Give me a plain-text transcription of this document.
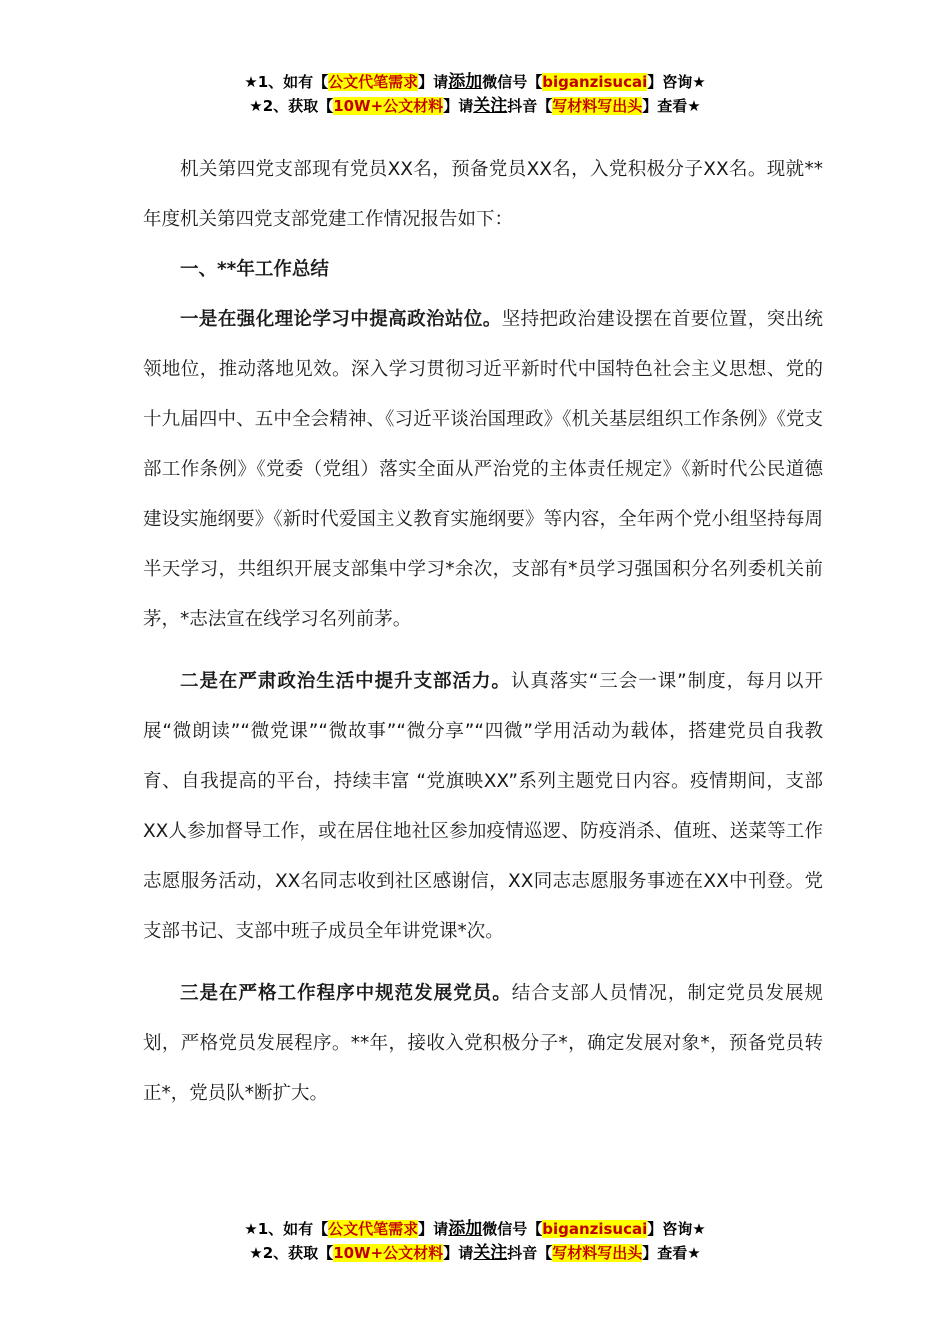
★1、如有【公文代笔需求】请添加微信号【biganzisucai】咨询★
★2、获取【10W+公文材料】请关注抖音【写材料写出头】查看★

机关第四党支部现有党员XX名，预备党员XX名，入党积极分子XX名。现就**年度机关第四党支部党建工作情况报告如下：

一、**年工作总结

一是在强化理论学习中提高政治站位。坚持把政治建设摆在首要位置，突出统领地位，推动落地见效。深入学习贯彻习近平新时代中国特色社会主义思想、党的十九届四中、五中全会精神、《习近平谈治国理政》《机关基层组织工作条例》《党支部工作条例》《党委（党组）落实全面从严治党的主体责任规定》《新时代公民道德建设实施纲要》《新时代爱国主义教育实施纲要》等内容，全年两个党小组坚持每周半天学习，共组织开展支部集中学习*余次，支部有*员学习强国积分名列委机关前茅，*志法宣在线学习名列前茅。

二是在严肃政治生活中提升支部活力。认真落实“三会一课”制度，每月以开展“微朗读”“微党课”“微故事”“微分享”“四微”学用活动为载体，搭建党员自我教育、自我提高的平台，持续丰富 “党旗映XX”系列主题党日内容。疫情期间，支部XX人参加督导工作，或在居住地社区参加疫情巡逻、防疫消杀、值班、送菜等工作志愿服务活动，XX名同志收到社区感谢信，XX同志志愿服务事迹在XX中刊登。党支部书记、支部中班子成员全年讲党课*次。

三是在严格工作程序中规范发展党员。结合支部人员情况，制定党员发展规划，严格党员发展程序。**年，接收入党积极分子*，确定发展对象*，预备党员转正*，党员队*断扩大。

★1、如有【公文代笔需求】请添加微信号【biganzisucai】咨询★
★2、获取【10W+公文材料】请关注抖音【写材料写出头】查看★
